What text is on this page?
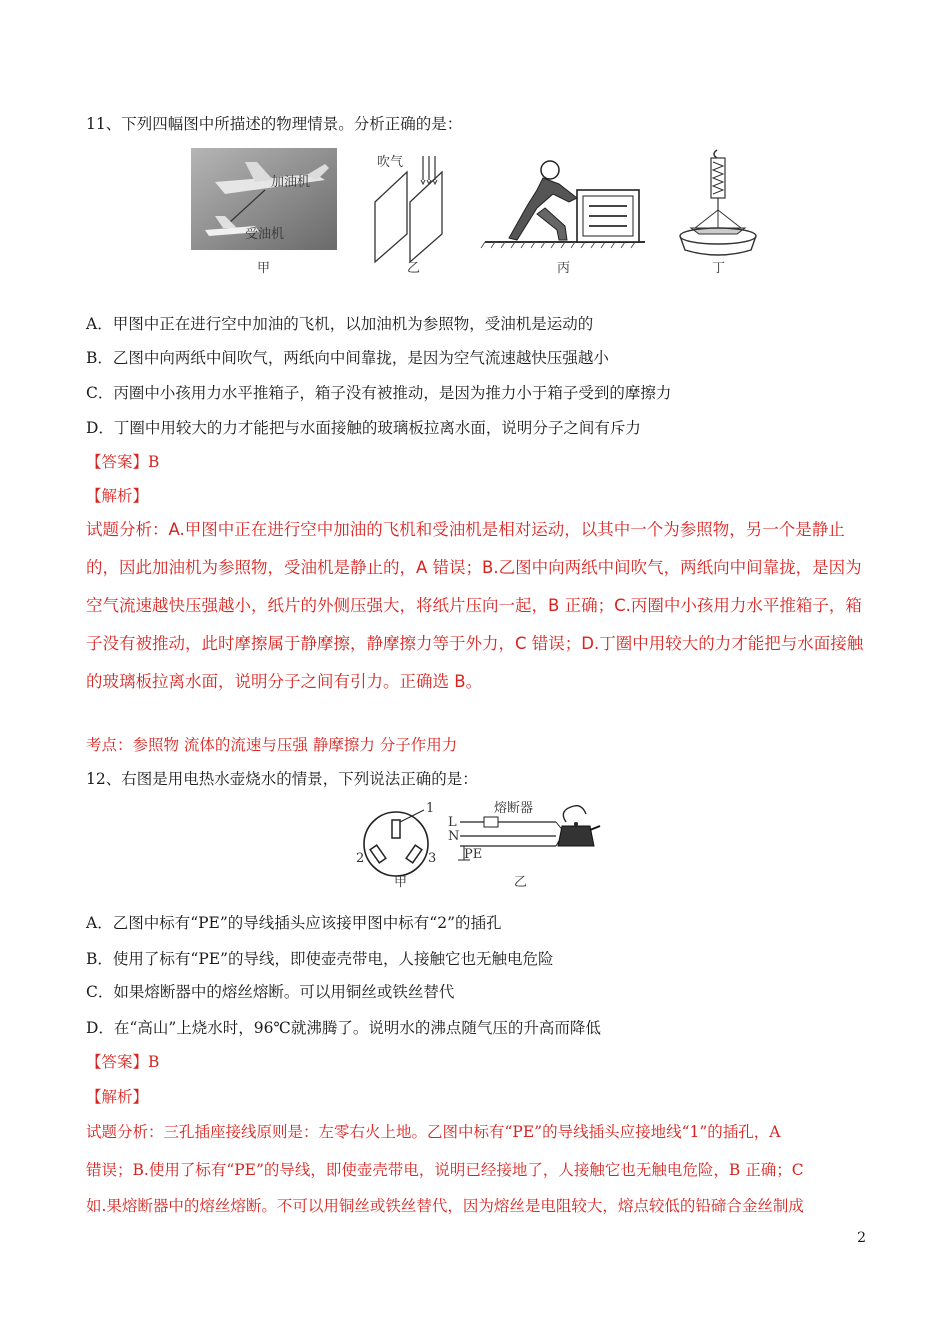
11、下列四幅图中所描述的物理情景。分析正确的是：
加油机
受油机
甲
吹气
乙	丙	丁
A．甲图中正在进行空中加油的飞机，以加油机为参照物，受油机是运动的
B．乙图中向两纸中间吹气，两纸向中间靠拢，是因为空气流速越快压强越小
C．丙圈中小孩用力水平推箱子，箱子没有被推动，是因为推力小于箱子受到的摩擦力
D．丁圈中用较大的力才能把与水面接触的玻璃板拉离水面，说明分子之间有斥力
【答案】B
【解析】
试题分析：A.甲图中正在进行空中加油的飞机和受油机是相对运动，以其中一个为参照物，另一个是静止
的，因此加油机为参照物，受油机是静止的，A 错误；B.乙图中向两纸中间吹气，两纸向中间靠拢，是因为
空气流速越快压强越小，纸片的外侧压强大，将纸片压向一起，B 正确；C.丙圈中小孩用力水平推箱子，箱
子没有被推动，此时摩擦属于静摩擦，静摩擦力等于外力，C 错误；D.丁圈中用较大的力才能把与水面接触
的玻璃板拉离水面，说明分子之间有引力。正确选 B。
考点：参照物 流体的流速与压强 静摩擦力 分子作用力
12、右图是用电热水壶烧水的情景，下列说法正确的是：
1
2	3
甲
L
N
熔断器
PE
乙
A．乙图中标有“PE”的导线插头应该接甲图中标有“2”的插孔
B．使用了标有“PE”的导线，即使壶壳带电，人接触它也无触电危险
C．如果熔断器中的熔丝熔断。可以用铜丝或铁丝替代
D．在“高山”上烧水时，96℃就沸腾了。说明水的沸点随气压的升高而降低
【答案】B
【解析】
试题分析：三孔插座接线原则是：左零右火上地。乙图中标有“PE”的导线插头应接地线“1”的插孔，A
错误；B.使用了标有“PE”的导线，即使壶壳带电，说明已经接地了，人接触它也无触电危险，B 正确；C
如.果熔断器中的熔丝熔断。不可以用铜丝或铁丝替代，因为熔丝是电阻较大，熔点较低的铅碲合金丝制成
2
